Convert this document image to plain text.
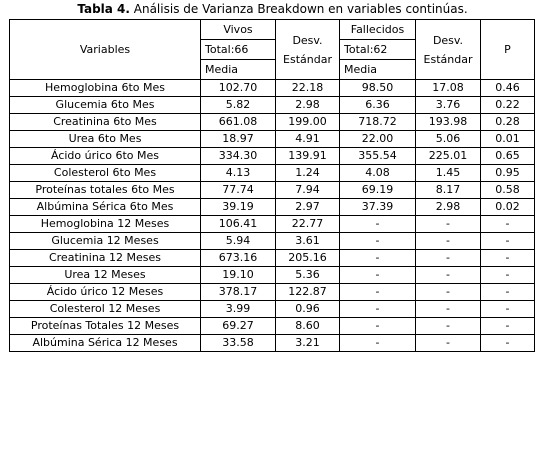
Tabla 4. Análisis de Varianza Breakdown en variables continúas.
Variables	Vivos	Desv. Estándar	Fallecidos	Desv. Estándar	P
	Total:66		Total:62		
	Media		Media		
Hemoglobina 6to Mes	102.70	22.18	98.50	17.08	0.46
Glucemia 6to Mes	5.82	2.98	6.36	3.76	0.22
Creatinina 6to Mes	661.08	199.00	718.72	193.98	0.28
Urea 6to Mes	18.97	4.91	22.00	5.06	0.01
Ácido úrico 6to Mes	334.30	139.91	355.54	225.01	0.65
Colesterol 6to Mes	4.13	1.24	4.08	1.45	0.95
Proteínas totales 6to Mes	77.74	7.94	69.19	8.17	0.58
Albúmina Sérica 6to Mes	39.19	2.97	37.39	2.98	0.02
Hemoglobina 12 Meses	106.41	22.77	-	-	-
Glucemia 12 Meses	5.94	3.61	-	-	-
Creatinina 12 Meses	673.16	205.16	-	-	-
Urea 12 Meses	19.10	5.36	-	-	-
Ácido úrico 12 Meses	378.17	122.87	-	-	-
Colesterol 12 Meses	3.99	0.96	-	-	-
Proteínas Totales 12 Meses	69.27	8.60	-	-	-
Albúmina Sérica 12 Meses	33.58	3.21	-	-	-
